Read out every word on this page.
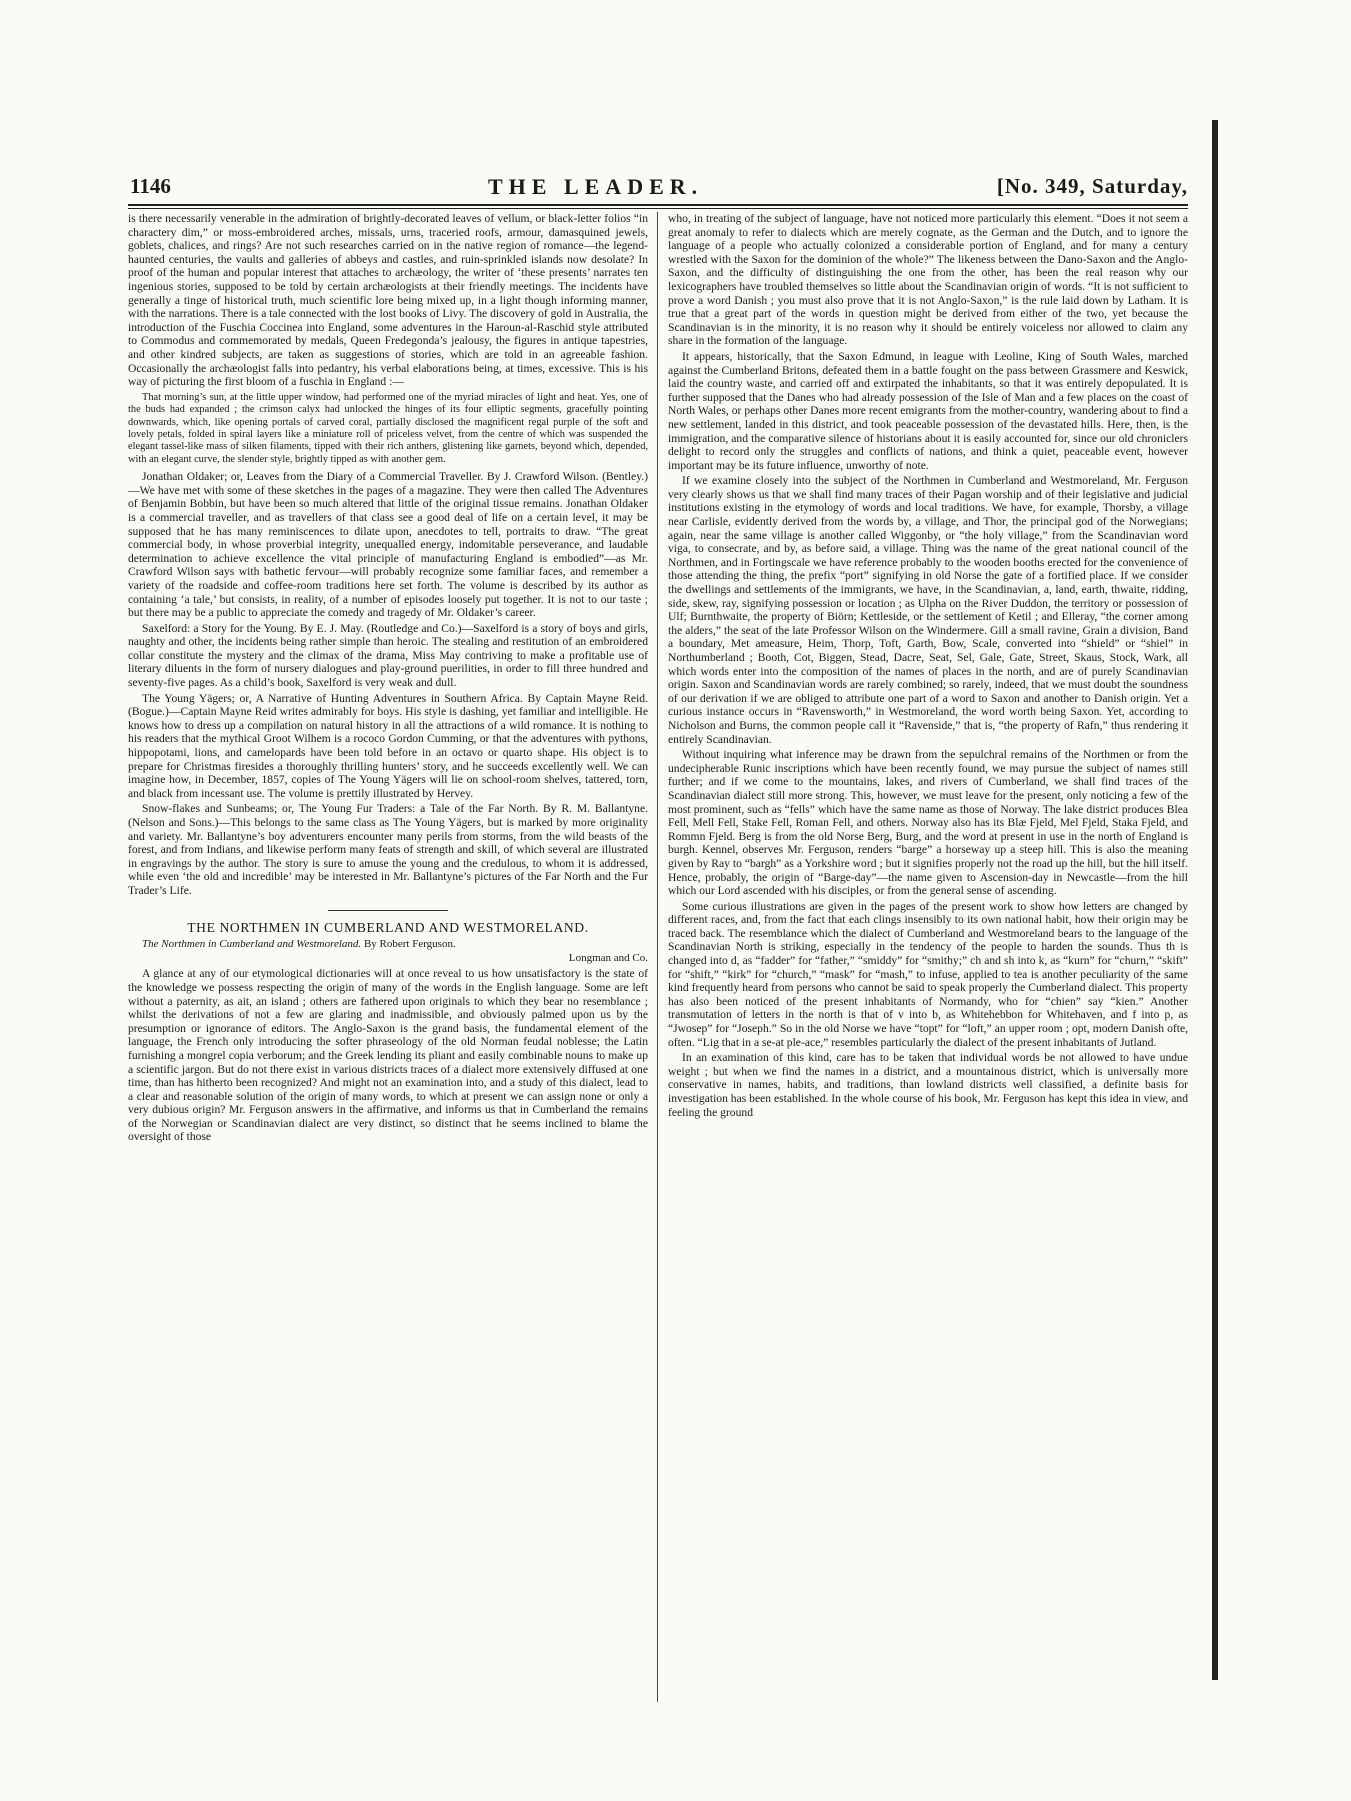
1146	THE LEADER.	[No. 349, Saturday,

is there necessarily venerable in the admiration of brightly-decorated leaves of vellum, or black-letter folios “in charactery dim,” or moss-embroidered arches, missals, urns, traceried roofs, armour, damasquined jewels, goblets, chalices, and rings? Are not such researches carried on in the native region of romance—the legend-haunted centuries, the vaults and galleries of abbeys and castles, and ruin-sprinkled islands now desolate? In proof of the human and popular interest that attaches to archæology, the writer of ‘these presents’ narrates ten ingenious stories, supposed to be told by certain archæologists at their friendly meetings. The incidents have generally a tinge of historical truth, much scientific lore being mixed up, in a light though informing manner, with the narrations. There is a tale connected with the lost books of Livy. The discovery of gold in Australia, the introduction of the Fuschia Coccinea into England, some adventures in the Haroun-al-Raschid style attributed to Commodus and commemorated by medals, Queen Fredegonda’s jealousy, the figures in antique tapestries, and other kindred subjects, are taken as suggestions of stories, which are told in an agreeable fashion. Occasionally the archæologist falls into pedantry, his verbal elaborations being, at times, excessive. This is his way of picturing the first bloom of a fuschia in England :—

That morning’s sun, at the little upper window, had performed one of the myriad miracles of light and heat. Yes, one of the buds had expanded ; the crimson calyx had unlocked the hinges of its four elliptic segments, gracefully pointing downwards, which, like opening portals of carved coral, partially disclosed the magnificent regal purple of the soft and lovely petals, folded in spiral layers like a miniature roll of priceless velvet, from the centre of which was suspended the elegant tassel-like mass of silken filaments, tipped with their rich anthers, glistening like garnets, beyond which, depended, with an elegant curve, the slender style, brightly tipped as with another gem.

Jonathan Oldaker; or, Leaves from the Diary of a Commercial Traveller. By J. Crawford Wilson. (Bentley.)—We have met with some of these sketches in the pages of a magazine. They were then called The Adventures of Benjamin Bobbin, but have been so much altered that little of the original tissue remains. Jonathan Oldaker is a commercial traveller, and as travellers of that class see a good deal of life on a certain level, it may be supposed that he has many reminiscences to dilate upon, anecdotes to tell, portraits to draw. “The great commercial body, in whose proverbial integrity, unequalled energy, indomitable perseverance, and laudable determination to achieve excellence the vital principle of manufacturing England is embodied”—as Mr. Crawford Wilson says with bathetic fervour—will probably recognize some familiar faces, and remember a variety of the roadside and coffee-room traditions here set forth. The volume is described by its author as containing ‘a tale,’ but consists, in reality, of a number of episodes loosely put together. It is not to our taste ; but there may be a public to appreciate the comedy and tragedy of Mr. Oldaker’s career.

Saxelford: a Story for the Young. By E. J. May. (Routledge and Co.)—Saxelford is a story of boys and girls, naughty and other, the incidents being rather simple than heroic. The stealing and restitution of an embroidered collar constitute the mystery and the climax of the drama, Miss May contriving to make a profitable use of literary diluents in the form of nursery dialogues and play-ground puerilities, in order to fill three hundred and seventy-five pages. As a child’s book, Saxelford is very weak and dull.

The Young Yägers; or, A Narrative of Hunting Adventures in Southern Africa. By Captain Mayne Reid. (Bogue.)—Captain Mayne Reid writes admirably for boys. His style is dashing, yet familiar and intelligible. He knows how to dress up a compilation on natural history in all the attractions of a wild romance. It is nothing to his readers that the mythical Groot Wilhem is a rococo Gordon Cumming, or that the adventures with pythons, hippopotami, lions, and camelopards have been told before in an octavo or quarto shape. His object is to prepare for Christmas firesides a thoroughly thrilling hunters’ story, and he succeeds excellently well. We can imagine how, in December, 1857, copies of The Young Yägers will lie on school-room shelves, tattered, torn, and black from incessant use. The volume is prettily illustrated by Hervey.

Snow-flakes and Sunbeams; or, The Young Fur Traders: a Tale of the Far North. By R. M. Ballantyne. (Nelson and Sons.)—This belongs to the same class as The Young Yägers, but is marked by more originality and variety. Mr. Ballantyne’s boy adventurers encounter many perils from storms, from the wild beasts of the forest, and from Indians, and likewise perform many feats of strength and skill, of which several are illustrated in engravings by the author. The story is sure to amuse the young and the credulous, to whom it is addressed, while even ‘the old and incredible’ may be interested in Mr. Ballantyne’s pictures of the Far North and the Fur Trader’s Life.

THE NORTHMEN IN CUMBERLAND AND WESTMORELAND.
The Northmen in Cumberland and Westmoreland. By Robert Ferguson.
Longman and Co.

A glance at any of our etymological dictionaries will at once reveal to us how unsatisfactory is the state of the knowledge we possess respecting the origin of many of the words in the English language. Some are left without a paternity, as ait, an island ; others are fathered upon originals to which they bear no resemblance ; whilst the derivations of not a few are glaring and inadmissible, and obviously palmed upon us by the presumption or ignorance of editors. The Anglo-Saxon is the grand basis, the fundamental element of the language, the French only introducing the softer phraseology of the old Norman feudal noblesse; the Latin furnishing a mongrel copia verborum; and the Greek lending its pliant and easily combinable nouns to make up a scientific jargon. But do not there exist in various districts traces of a dialect more extensively diffused at one time, than has hitherto been recognized? And might not an examination into, and a study of this dialect, lead to a clear and reasonable solution of the origin of many words, to which at present we can assign none or only a very dubious origin? Mr. Ferguson answers in the affirmative, and informs us that in Cumberland the remains of the Norwegian or Scandinavian dialect are very distinct, so distinct that he seems inclined to blame the oversight of those

who, in treating of the subject of language, have not noticed more particularly this element. “Does it not seem a great anomaly to refer to dialects which are merely cognate, as the German and the Dutch, and to ignore the language of a people who actually colonized a considerable portion of England, and for many a century wrestled with the Saxon for the dominion of the whole?” The likeness between the Dano-Saxon and the Anglo-Saxon, and the difficulty of distinguishing the one from the other, has been the real reason why our lexicographers have troubled themselves so little about the Scandinavian origin of words. “It is not sufficient to prove a word Danish ; you must also prove that it is not Anglo-Saxon,” is the rule laid down by Latham. It is true that a great part of the words in question might be derived from either of the two, yet because the Scandinavian is in the minority, it is no reason why it should be entirely voiceless nor allowed to claim any share in the formation of the language.

It appears, historically, that the Saxon Edmund, in league with Leoline, King of South Wales, marched against the Cumberland Britons, defeated them in a battle fought on the pass between Grassmere and Keswick, laid the country waste, and carried off and extirpated the inhabitants, so that it was entirely depopulated. It is further supposed that the Danes who had already possession of the Isle of Man and a few places on the coast of North Wales, or perhaps other Danes more recent emigrants from the mother-country, wandering about to find a new settlement, landed in this district, and took peaceable possession of the devastated hills. Here, then, is the immigration, and the comparative silence of historians about it is easily accounted for, since our old chroniclers delight to record only the struggles and conflicts of nations, and think a quiet, peaceable event, however important may be its future influence, unworthy of note.

If we examine closely into the subject of the Northmen in Cumberland and Westmoreland, Mr. Ferguson very clearly shows us that we shall find many traces of their Pagan worship and of their legislative and judicial institutions existing in the etymology of words and local traditions. We have, for example, Thorsby, a village near Carlisle, evidently derived from the words by, a village, and Thor, the principal god of the Norwegians; again, near the same village is another called Wiggonby, or “the holy village,” from the Scandinavian word viga, to consecrate, and by, as before said, a village. Thing was the name of the great national council of the Northmen, and in Fortingscale we have reference probably to the wooden booths erected for the convenience of those attending the thing, the prefix “port” signifying in old Norse the gate of a fortified place. If we consider the dwellings and settlements of the immigrants, we have, in the Scandinavian, a, land, earth, thwaite, ridding, side, skew, ray, signifying possession or location ; as Ulpha on the River Duddon, the territory or possession of Ulf; Burnthwaite, the property of Biörn; Kettleside, or the settlement of Ketil ; and Elleray, “the corner among the alders,” the seat of the late Professor Wilson on the Windermere. Gill a small ravine, Grain a division, Band a boundary, Met ameasure, Heim, Thorp, Toft, Garth, Bow, Scale, converted into “shield” or “shiel” in Northumberland ; Booth, Cot, Biggen, Stead, Dacre, Seat, Sel, Gale, Gate, Street, Skaus, Stock, Wark, all which words enter into the composition of the names of places in the north, and are of purely Scandinavian origin. Saxon and Scandinavian words are rarely combined; so rarely, indeed, that we must doubt the soundness of our derivation if we are obliged to attribute one part of a word to Saxon and another to Danish origin. Yet a curious instance occurs in “Ravensworth,” in Westmoreland, the word worth being Saxon. Yet, according to Nicholson and Burns, the common people call it “Ravenside,” that is, “the property of Rafn,” thus rendering it entirely Scandinavian.

Without inquiring what inference may be drawn from the sepulchral remains of the Northmen or from the undecipherable Runic inscriptions which have been recently found, we may pursue the subject of names still further; and if we come to the mountains, lakes, and rivers of Cumberland, we shall find traces of the Scandinavian dialect still more strong. This, however, we must leave for the present, only noticing a few of the most prominent, such as “fells” which have the same name as those of Norway. The lake district produces Blea Fell, Mell Fell, Stake Fell, Roman Fell, and others. Norway also has its Blæ Fjeld, Mel Fjeld, Staka Fjeld, and Rommn Fjeld. Berg is from the old Norse Berg, Burg, and the word at present in use in the north of England is burgh. Kennel, observes Mr. Ferguson, renders “barge” a horseway up a steep hill. This is also the meaning given by Ray to “bargh” as a Yorkshire word ; but it signifies properly not the road up the hill, but the hill itself. Hence, probably, the origin of “Barge-day”—the name given to Ascension-day in Newcastle—from the hill which our Lord ascended with his disciples, or from the general sense of ascending.

Some curious illustrations are given in the pages of the present work to show how letters are changed by different races, and, from the fact that each clings insensibly to its own national habit, how their origin may be traced back. The resemblance which the dialect of Cumberland and Westmoreland bears to the language of the Scandinavian North is striking, especially in the tendency of the people to harden the sounds. Thus th is changed into d, as “fadder” for “father,” “smiddy” for “smithy;” ch and sh into k, as “kurn” for “churn,” “skift” for “shift,” “kirk” for “church,” “mask” for “mash,” to infuse, applied to tea is another peculiarity of the same kind frequently heard from persons who cannot be said to speak properly the Cumberland dialect. This property has also been noticed of the present inhabitants of Normandy, who for “chien” say “kien.” Another transmutation of letters in the north is that of v into b, as Whitehebbon for Whitehaven, and f into p, as “Jwosep” for “Joseph.” So in the old Norse we have “topt” for “loft,” an upper room ; opt, modern Danish ofte, often. “Lig that in a se-at ple-ace,” resembles particularly the dialect of the present inhabitants of Jutland.

In an examination of this kind, care has to be taken that individual words be not allowed to have undue weight ; but when we find the names in a district, and a mountainous district, which is universally more conservative in names, habits, and traditions, than lowland districts well classified, a definite basis for investigation has been established. In the whole course of his book, Mr. Ferguson has kept this idea in view, and feeling the ground
